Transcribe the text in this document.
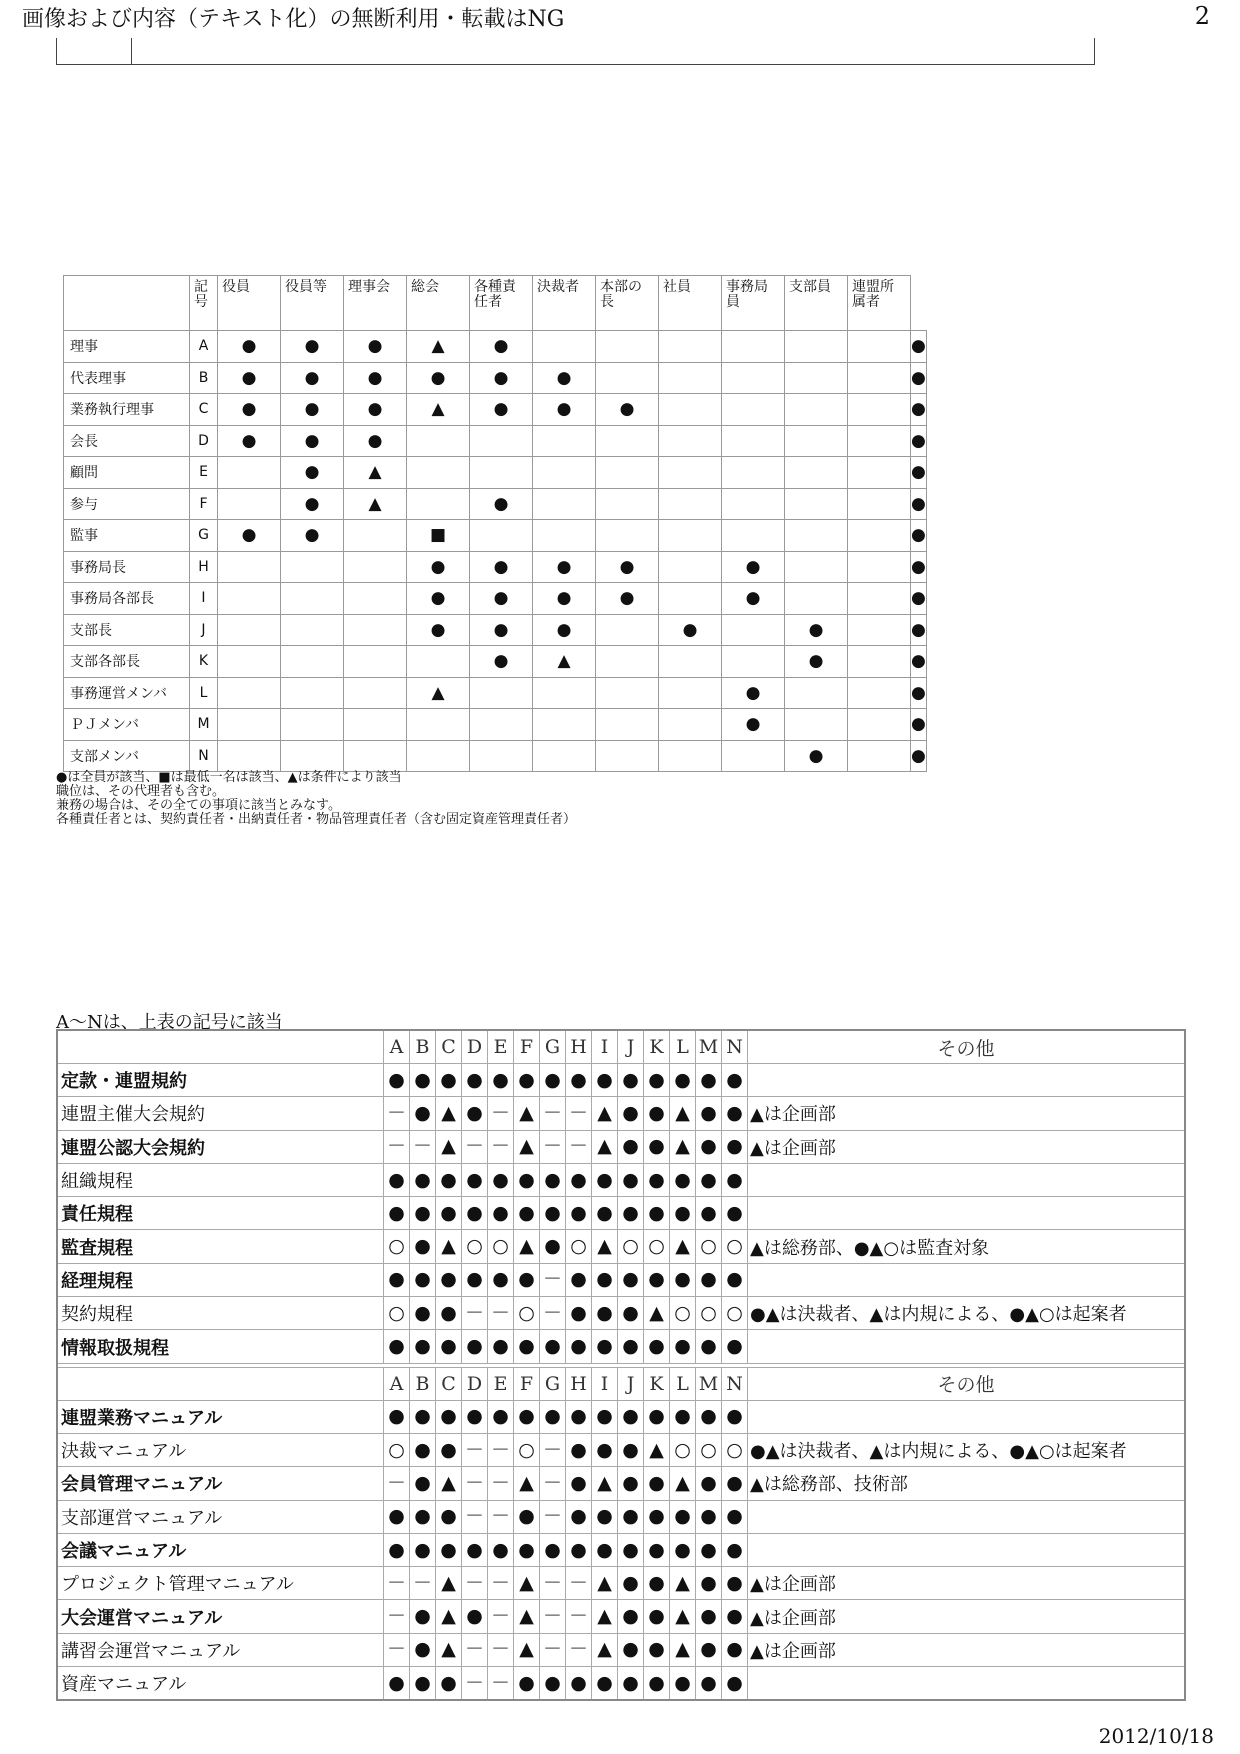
画像および内容（テキスト化）の無断利用・転載はNG	2
	記号	役員	役員等	理事会	総会	各種責任者	決裁者	本部の長	社員	事務局員	支部員	連盟所属者	
理事	A	●	●	●	▲	●							●
代表理事	B	●	●	●	●	●	●						●
業務執行理事	C	●	●	●	▲	●	●	●					●
会長	D	●	●	●									●
顧問	E		●	▲									●
参与	F		●	▲		●							●
監事	G	●	●		■								●
事務局長	H				●	●	●	●		●			●
事務局各部長	I				●	●	●	●		●			●
支部長	J				●	●	●		●		●		●
支部各部長	K					●	▲				●		●
事務運営メンバ	L				▲					●			●
ＰＪメンバ	M									●			●
支部メンバ	N										●		●
●は全員が該当、■は最低一名は該当、▲は条件により該当
職位は、その代理者も含む。
兼務の場合は、その全ての事項に該当とみなす。
各種責任者とは、契約責任者・出納責任者・物品管理責任者（含む固定資産管理責任者）
A～Nは、上表の記号に該当
	A	B	C	D	E	F	G	H	I	J	K	L	M	N	その他
定款・連盟規約	●	●	●	●	●	●	●	●	●	●	●	●	●	●	
連盟主催大会規約	－	●	▲	●	－	▲	－	－	▲	●	●	▲	●	●	▲は企画部
連盟公認大会規約	－	－	▲	－	－	▲	－	－	▲	●	●	▲	●	●	▲は企画部
組織規程	●	●	●	●	●	●	●	●	●	●	●	●	●	●	
責任規程	●	●	●	●	●	●	●	●	●	●	●	●	●	●	
監査規程	○	●	▲	○	○	▲	●	○	▲	○	○	▲	○	○	▲は総務部、●▲○は監査対象
経理規程	●	●	●	●	●	●	－	●	●	●	●	●	●	●	
契約規程	○	●	●	－	－	○	－	●	●	●	▲	○	○	○	●▲は決裁者、▲は内規による、●▲○は起案者
情報取扱規程	●	●	●	●	●	●	●	●	●	●	●	●	●	●	

	A	B	C	D	E	F	G	H	I	J	K	L	M	N	その他
連盟業務マニュアル	●	●	●	●	●	●	●	●	●	●	●	●	●	●	
決裁マニュアル	○	●	●	－	－	○	－	●	●	●	▲	○	○	○	●▲は決裁者、▲は内規による、●▲○は起案者
会員管理マニュアル	－	●	▲	－	－	▲	－	●	▲	●	●	▲	●	●	▲は総務部、技術部
支部運営マニュアル	●	●	●	－	－	●	－	●	●	●	●	●	●	●	
会議マニュアル	●	●	●	●	●	●	●	●	●	●	●	●	●	●	
プロジェクト管理マニュアル	－	－	▲	－	－	▲	－	－	▲	●	●	▲	●	●	▲は企画部
大会運営マニュアル	－	●	▲	●	－	▲	－	－	▲	●	●	▲	●	●	▲は企画部
講習会運営マニュアル	－	●	▲	－	－	▲	－	－	▲	●	●	▲	●	●	▲は企画部
資産マニュアル	●	●	●	－	－	●	●	●	●	●	●	●	●	●	
2012/10/18
